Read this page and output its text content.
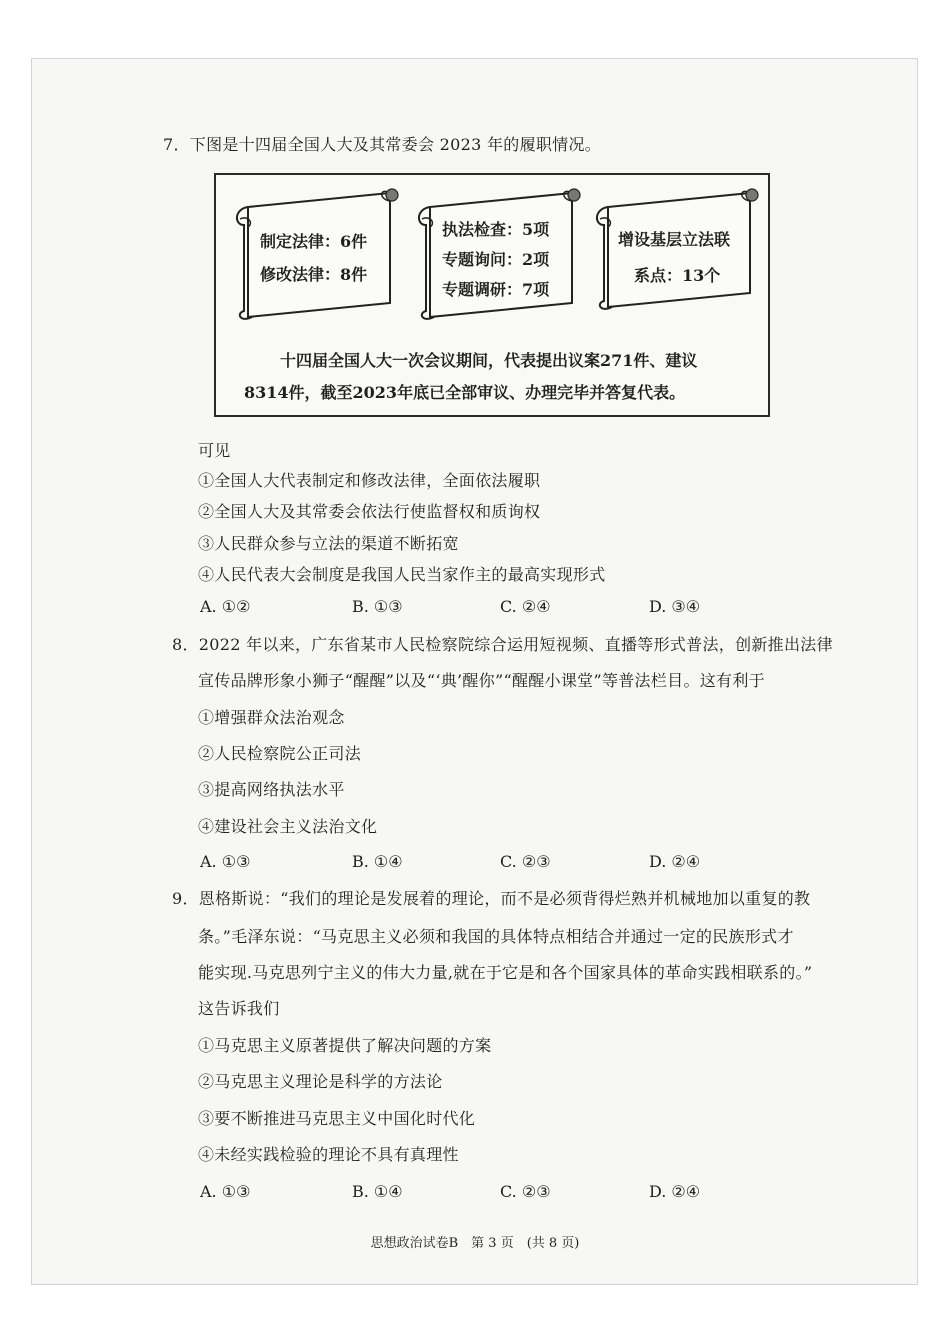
7．下图是十四届全国人大及其常委会 2023 年的履职情况。
制定法律：6件
修改法律：8件
执法检查：5项
专题询问：2项
专题调研：7项
增设基层立法联
系点：13个
十四届全国人大一次会议期间，代表提出议案271件、建议
8314件，截至2023年底已全部审议、办理完毕并答复代表。
可见
①全国人大代表制定和修改法律，全面依法履职
②全国人大及其常委会依法行使监督权和质询权
③人民群众参与立法的渠道不断拓宽
④人民代表大会制度是我国人民当家作主的最高实现形式
A. ①②	B. ①③	C. ②④	D. ③④
8．2022 年以来，广东省某市人民检察院综合运用短视频、直播等形式普法，创新推出法律
宣传品牌形象小狮子“醒醒”以及“‘典’醒你”“醒醒小课堂”等普法栏目。这有利于
①增强群众法治观念
②人民检察院公正司法
③提高网络执法水平
④建设社会主义法治文化
A. ①③	B. ①④	C. ②③	D. ②④
9．恩格斯说：“我们的理论是发展着的理论，而不是必须背得烂熟并机械地加以重复的教
条。”毛泽东说：“马克思主义必须和我国的具体特点相结合并通过一定的民族形式才
能实现.马克思列宁主义的伟大力量,就在于它是和各个国家具体的革命实践相联系的。”
这告诉我们
①马克思主义原著提供了解决问题的方案
②马克思主义理论是科学的方法论
③要不断推进马克思主义中国化时代化
④未经实践检验的理论不具有真理性
A. ①③	B. ①④	C. ②③	D. ②④
思想政治试卷B　第 3 页　(共 8 页)
